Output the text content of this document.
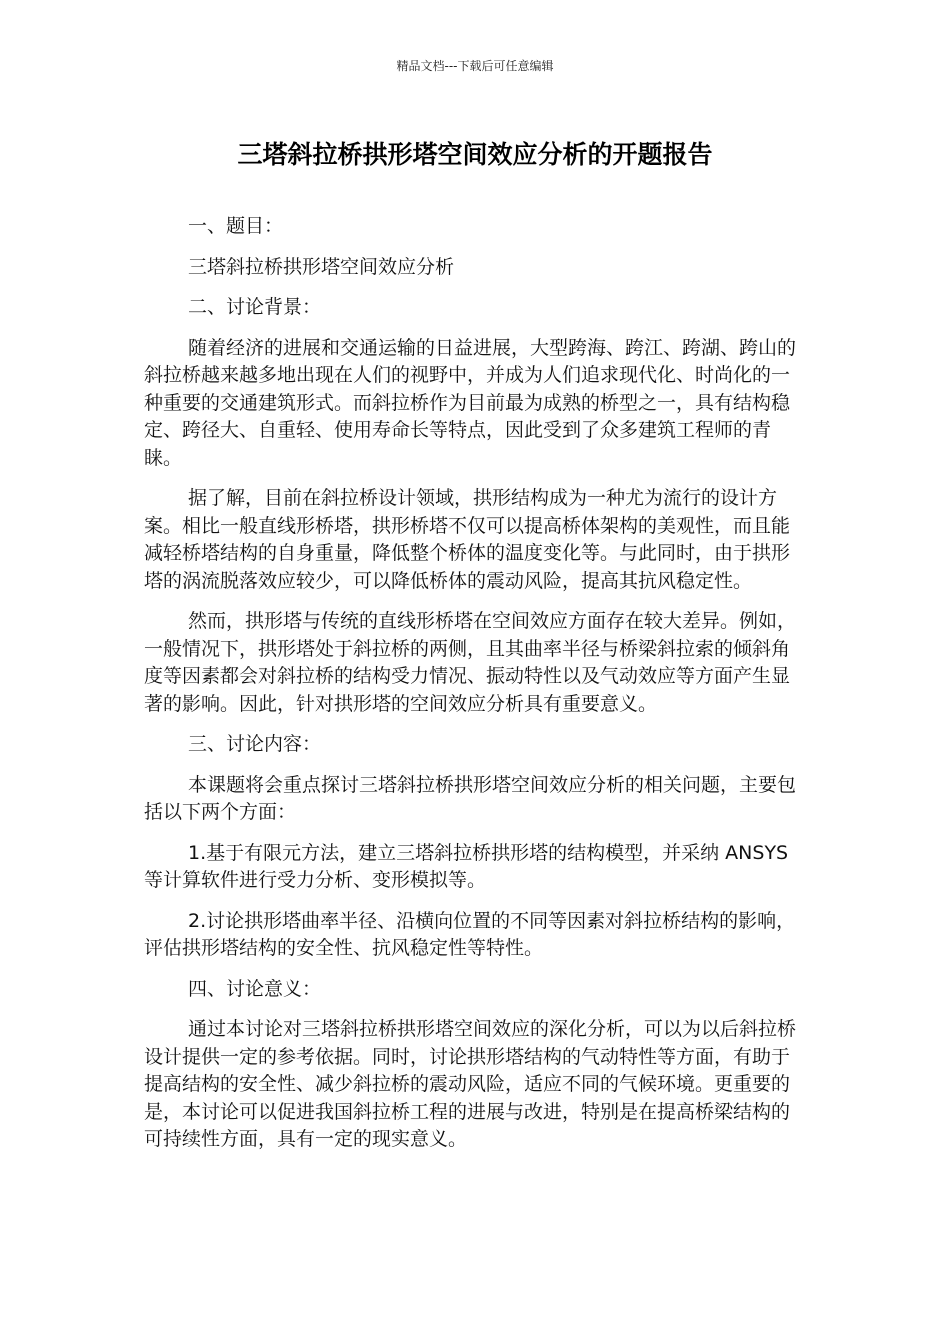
精品文档---下载后可任意编辑
三塔斜拉桥拱形塔空间效应分析的开题报告

一、题目：

三塔斜拉桥拱形塔空间效应分析

二、讨论背景：

随着经济的进展和交通运输的日益进展，大型跨海、跨江、跨湖、跨山的斜拉桥越来越多地出现在人们的视野中，并成为人们追求现代化、时尚化的一种重要的交通建筑形式。而斜拉桥作为目前最为成熟的桥型之一，具有结构稳定、跨径大、自重轻、使用寿命长等特点，因此受到了众多建筑工程师的青睐。

据了解，目前在斜拉桥设计领域，拱形结构成为一种尤为流行的设计方案。相比一般直线形桥塔，拱形桥塔不仅可以提高桥体架构的美观性，而且能减轻桥塔结构的自身重量，降低整个桥体的温度变化等。与此同时，由于拱形塔的涡流脱落效应较少，可以降低桥体的震动风险，提高其抗风稳定性。

然而，拱形塔与传统的直线形桥塔在空间效应方面存在较大差异。例如，一般情况下，拱形塔处于斜拉桥的两侧，且其曲率半径与桥梁斜拉索的倾斜角度等因素都会对斜拉桥的结构受力情况、振动特性以及气动效应等方面产生显著的影响。因此，针对拱形塔的空间效应分析具有重要意义。

三、讨论内容：

本课题将会重点探讨三塔斜拉桥拱形塔空间效应分析的相关问题，主要包括以下两个方面：

1.基于有限元方法，建立三塔斜拉桥拱形塔的结构模型，并采纳 ANSYS 等计算软件进行受力分析、变形模拟等。

2.讨论拱形塔曲率半径、沿横向位置的不同等因素对斜拉桥结构的影响，评估拱形塔结构的安全性、抗风稳定性等特性。

四、讨论意义：

通过本讨论对三塔斜拉桥拱形塔空间效应的深化分析，可以为以后斜拉桥设计提供一定的参考依据。同时，讨论拱形塔结构的气动特性等方面，有助于提高结构的安全性、减少斜拉桥的震动风险，适应不同的气候环境。更重要的是，本讨论可以促进我国斜拉桥工程的进展与改进，特别是在提高桥梁结构的可持续性方面，具有一定的现实意义。
